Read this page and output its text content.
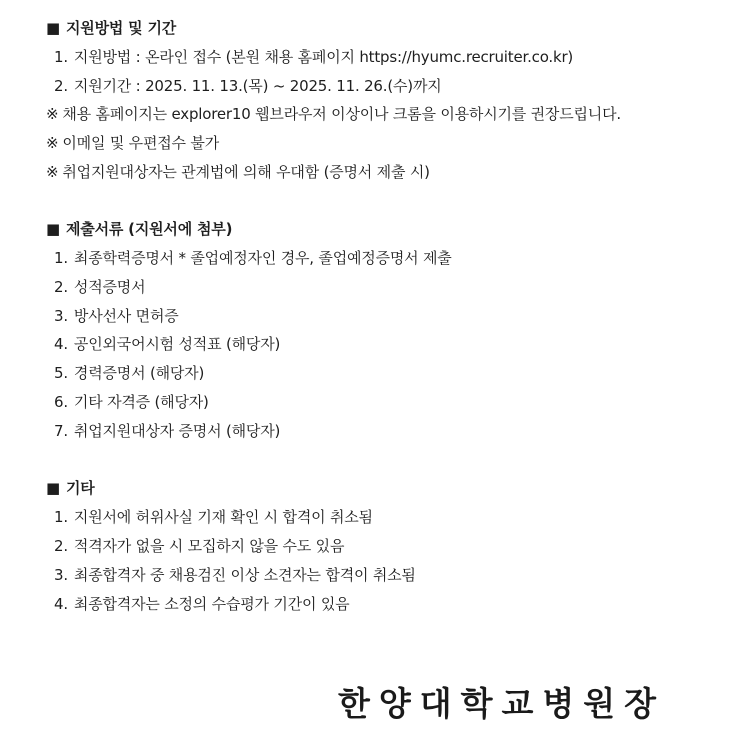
■ 지원방법 및 기간
1. 지원방법 : 온라인 접수 (본원 채용 홈페이지 https://hyumc.recruiter.co.kr)
2. 지원기간 : 2025. 11. 13.(목) ~ 2025. 11. 26.(수)까지
※ 채용 홈페이지는 explorer10 웹브라우저 이상이나 크롬을 이용하시기를 권장드립니다.
※ 이메일 및 우편접수 불가
※ 취업지원대상자는 관계법에 의해 우대함 (증명서 제출 시)
■ 제출서류 (지원서에 첨부)
1. 최종학력증명서 * 졸업예정자인 경우, 졸업예정증명서 제출
2. 성적증명서
3. 방사선사 면허증
4. 공인외국어시험 성적표 (해당자)
5. 경력증명서 (해당자)
6. 기타 자격증 (해당자)
7. 취업지원대상자 증명서 (해당자)
■ 기타
1. 지원서에 허위사실 기재 확인 시 합격이 취소됨
2. 적격자가 없을 시 모집하지 않을 수도 있음
3. 최종합격자 중 채용검진 이상 소견자는 합격이 취소됨
4. 최종합격자는 소정의 수습평가 기간이 있음
한양대학교병원장
